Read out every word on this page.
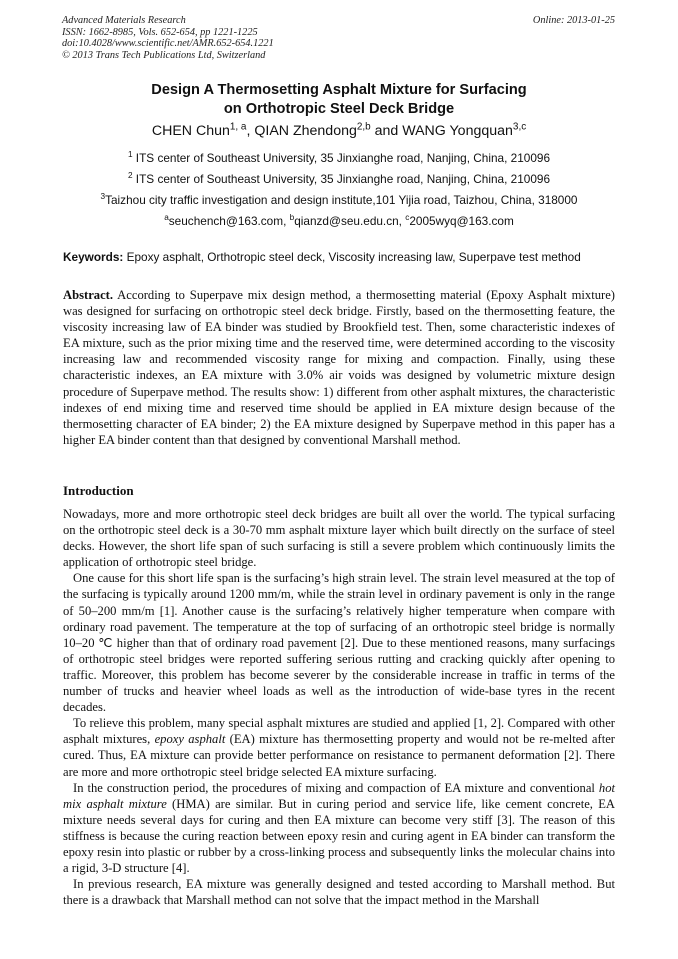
Advanced Materials Research
ISSN: 1662-8985, Vols. 652-654, pp 1221-1225
doi:10.4028/www.scientific.net/AMR.652-654.1221
© 2013 Trans Tech Publications Ltd, Switzerland
Online: 2013-01-25
Design A Thermosetting Asphalt Mixture for Surfacing
on Orthotropic Steel Deck Bridge
CHEN Chun$^{1, a}$, QIAN Zhendong$^{2,b}$ and WANG Yongquan$^{3,c}$
$^1$ ITS center of Southeast University, 35 Jinxianghe road, Nanjing, China, 210096
$^2$ ITS center of Southeast University, 35 Jinxianghe road, Nanjing, China, 210096
$^3$Taizhou city traffic investigation and design institute,101 Yijia road, Taizhou, China, 318000
$^a$seuchench@163.com, $^b$qianzd@seu.edu.cn, $^c$2005wyq@163.com
Keywords: Epoxy asphalt, Orthotropic steel deck, Viscosity increasing law, Superpave test method
Abstract. According to Superpave mix design method, a thermosetting material (Epoxy Asphalt mixture) was designed for surfacing on orthotropic steel deck bridge. Firstly, based on the thermosetting feature, the viscosity increasing law of EA binder was studied by Brookfield test. Then, some characteristic indexes of EA mixture, such as the prior mixing time and the reserved time, were determined according to the viscosity increasing law and recommended viscosity range for mixing and compaction. Finally, using these characteristic indexes, an EA mixture with 3.0% air voids was designed by volumetric mixture design procedure of Superpave method. The results show: 1) different from other asphalt mixtures, the characteristic indexes of end mixing time and reserved time should be applied in EA mixture design because of the thermosetting character of EA binder; 2) the EA mixture designed by Superpave method in this paper has a higher EA binder content than that designed by conventional Marshall method.
Introduction

Nowadays, more and more orthotropic steel deck bridges are built all over the world. The typical surfacing on the orthotropic steel deck is a 30-70 mm asphalt mixture layer which built directly on the surface of steel decks. However, the short life span of such surfacing is still a severe problem which continuously limits the application of orthotropic steel bridge.

One cause for this short life span is the surfacing’s high strain level. The strain level measured at the top of the surfacing is typically around 1200 mm/m, while the strain level in ordinary pavement is only in the range of 50–200 mm/m [1]. Another cause is the surfacing’s relatively higher temperature when compare with ordinary road pavement. The temperature at the top of surfacing of an orthotropic steel bridge is normally 10–20 ℃ higher than that of ordinary road pavement [2]. Due to these mentioned reasons, many surfacings of orthotropic steel bridges were reported suffering serious rutting and cracking quickly after opening to traffic. Moreover, this problem has become severer by the considerable increase in traffic in terms of the number of trucks and heavier wheel loads as well as the introduction of wide-base tyres in the recent decades.

To relieve this problem, many special asphalt mixtures are studied and applied [1, 2]. Compared with other asphalt mixtures, epoxy asphalt (EA) mixture has thermosetting property and would not be re-melted after cured. Thus, EA mixture can provide better performance on resistance to permanent deformation [2]. There are more and more orthotropic steel bridge selected EA mixture surfacing.

In the construction period, the procedures of mixing and compaction of EA mixture and conventional hot mix asphalt mixture (HMA) are similar. But in curing period and service life, like cement concrete, EA mixture needs several days for curing and then EA mixture can become very stiff [3]. The reason of this stiffness is because the curing reaction between epoxy resin and curing agent in EA binder can transform the epoxy resin into plastic or rubber by a cross-linking process and subsequently links the molecular chains into a rigid, 3-D structure [4].

In previous research, EA mixture was generally designed and tested according to Marshall method. But there is a drawback that Marshall method can not solve that the impact method in the Marshall
